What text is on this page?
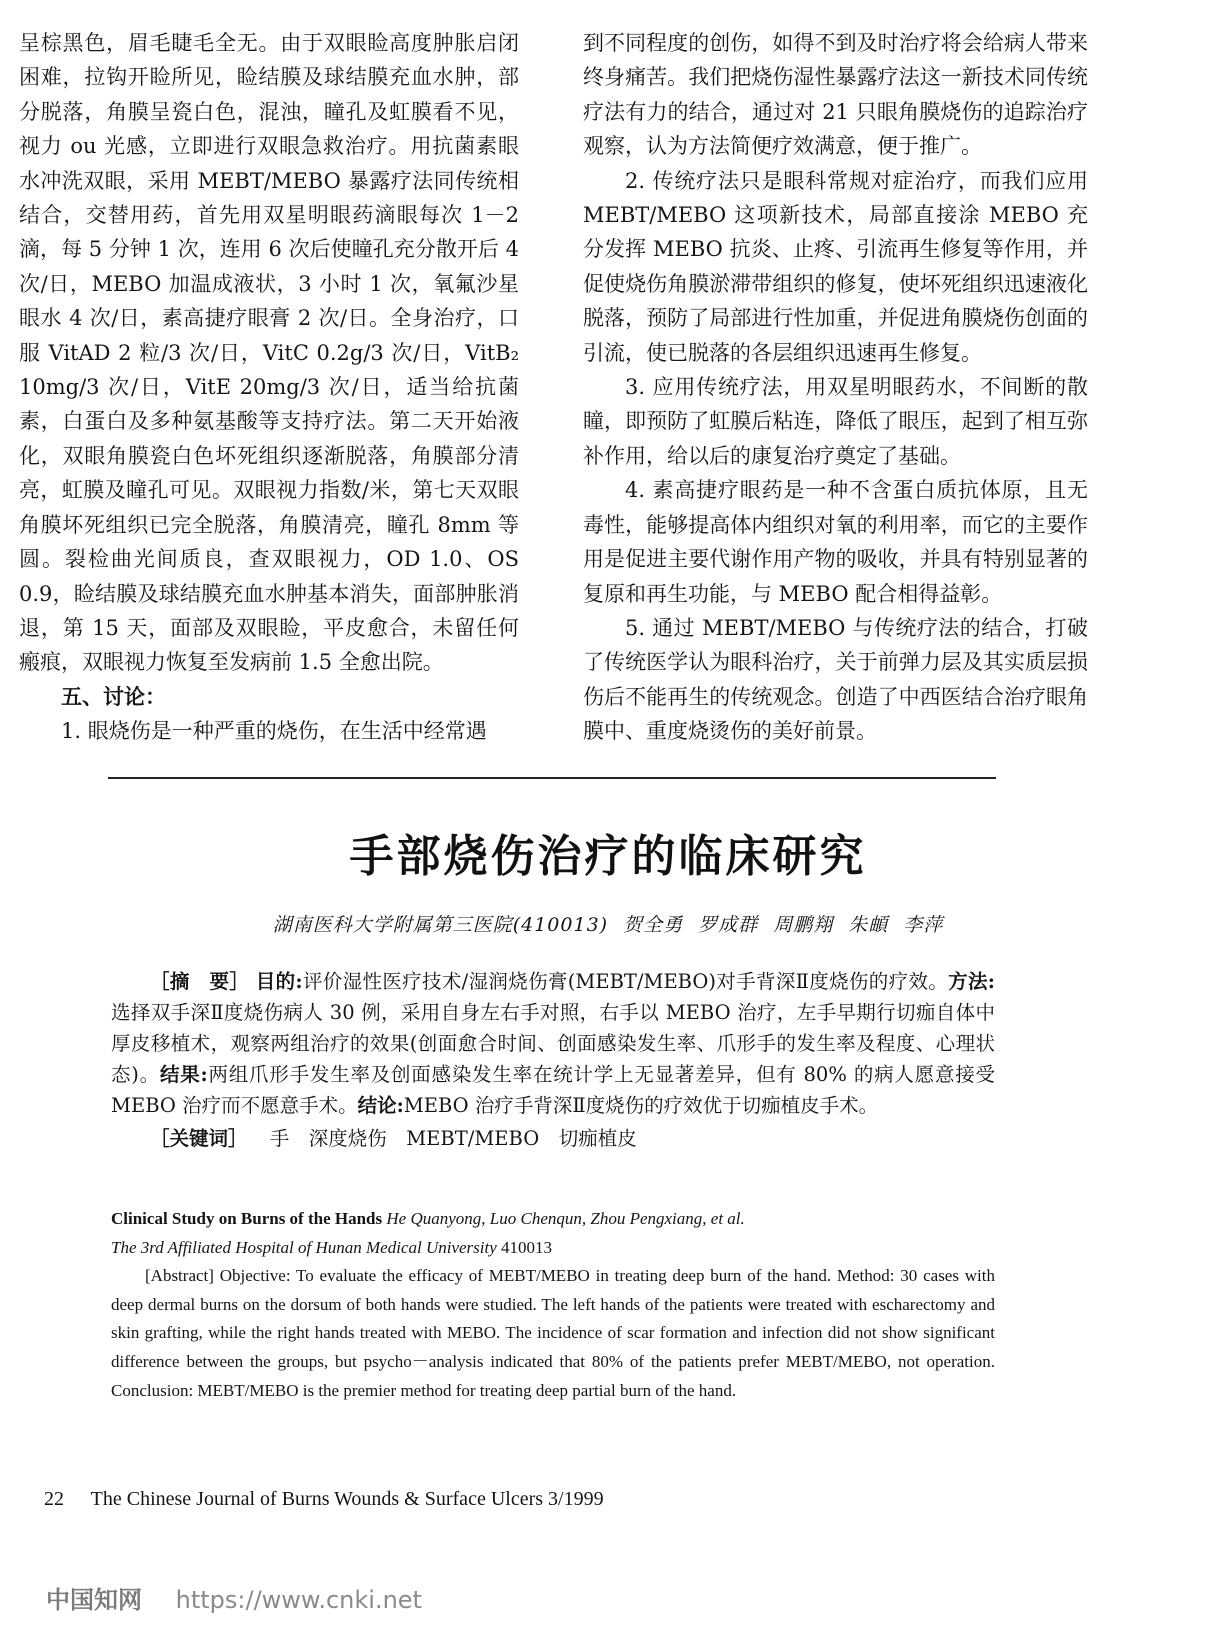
呈棕黑色，眉毛睫毛全无。由于双眼睑高度肿胀启闭困难，拉钩开睑所见，睑结膜及球结膜充血水肿，部分脱落，角膜呈瓷白色，混浊，瞳孔及虹膜看不见，视力 ou 光感，立即进行双眼急救治疗。用抗菌素眼水冲洗双眼，采用 MEBT/MEBO 暴露疗法同传统相结合，交替用药，首先用双星明眼药滴眼每次 1－2 滴，每 5 分钟 1 次，连用 6 次后使瞳孔充分散开后 4 次/日，MEBO 加温成液状，3 小时 1 次，氧氟沙星眼水 4 次/日，素高捷疗眼膏 2 次/日。全身治疗，口服 VitAD 2 粒/3 次/日，VitC 0.2g/3 次/日，VitB₂ 10mg/3 次/日，VitE 20mg/3 次/日，适当给抗菌素，白蛋白及多种氨基酸等支持疗法。第二天开始液化，双眼角膜瓷白色坏死组织逐渐脱落，角膜部分清亮，虹膜及瞳孔可见。双眼视力指数/米，第七天双眼角膜坏死组织已完全脱落，角膜清亮，瞳孔 8mm 等圆。裂检曲光间质良，查双眼视力，OD 1.0、OS 0.9，睑结膜及球结膜充血水肿基本消失，面部肿胀消退，第 15 天，面部及双眼睑，平皮愈合，未留任何瘢痕，双眼视力恢复至发病前 1.5 全愈出院。

五、讨论：

1. 眼烧伤是一种严重的烧伤，在生活中经常遇

到不同程度的创伤，如得不到及时治疗将会给病人带来终身痛苦。我们把烧伤湿性暴露疗法这一新技术同传统疗法有力的结合，通过对 21 只眼角膜烧伤的追踪治疗观察，认为方法简便疗效满意，便于推广。

2. 传统疗法只是眼科常规对症治疗，而我们应用 MEBT/MEBO 这项新技术，局部直接涂 MEBO 充分发挥 MEBO 抗炎、止疼、引流再生修复等作用，并促使烧伤角膜淤滞带组织的修复，使坏死组织迅速液化脱落，预防了局部进行性加重，并促进角膜烧伤创面的引流，使已脱落的各层组织迅速再生修复。

3. 应用传统疗法，用双星明眼药水，不间断的散瞳，即预防了虹膜后粘连，降低了眼压，起到了相互弥补作用，给以后的康复治疗奠定了基础。

4. 素高捷疗眼药是一种不含蛋白质抗体原，且无毒性，能够提高体内组织对氧的利用率，而它的主要作用是促进主要代谢作用产物的吸收，并具有特别显著的复原和再生功能，与 MEBO 配合相得益彰。

5. 通过 MEBT/MEBO 与传统疗法的结合，打破了传统医学认为眼科治疗，关于前弹力层及其实质层损伤后不能再生的传统观念。创造了中西医结合治疗眼角膜中、重度烧烫伤的美好前景。

手部烧伤治疗的临床研究
湖南医科大学附属第三医院(410013) 贺全勇 罗成群 周鹏翔 朱頔 李萍

［摘　要］ 目的:评价湿性医疗技术/湿润烧伤膏(MEBT/MEBO)对手背深Ⅱ度烧伤的疗效。方法:选择双手深Ⅱ度烧伤病人 30 例，采用自身左右手对照，右手以 MEBO 治疗，左手早期行切痂自体中厚皮移植术，观察两组治疗的效果(创面愈合时间、创面感染发生率、爪形手的发生率及程度、心理状态)。结果:两组爪形手发生率及创面感染发生率在统计学上无显著差异，但有 80% 的病人愿意接受 MEBO 治疗而不愿意手术。结论:MEBO 治疗手背深Ⅱ度烧伤的疗效优于切痂植皮手术。

［关键词］ 手　深度烧伤　MEBT/MEBO　切痂植皮

Clinical Study on Burns of the Hands He Quanyong, Luo Chenqun, Zhou Pengxiang, et al.

The 3rd Affiliated Hospital of Hunan Medical University 410013

[Abstract] Objective: To evaluate the efficacy of MEBT/MEBO in treating deep burn of the hand. Method: 30 cases with deep dermal burns on the dorsum of both hands were studied. The left hands of the patients were treated with escharectomy and skin grafting, while the right hands treated with MEBO. The incidence of scar formation and infection did not show significant difference between the groups, but psycho－analysis indicated that 80% of the patients prefer MEBT/MEBO, not operation. Conclusion: MEBT/MEBO is the premier method for treating deep partial burn of the hand.

22 The Chinese Journal of Burns Wounds & Surface Ulcers 3/1999
中国知网 https://www.cnki.net
